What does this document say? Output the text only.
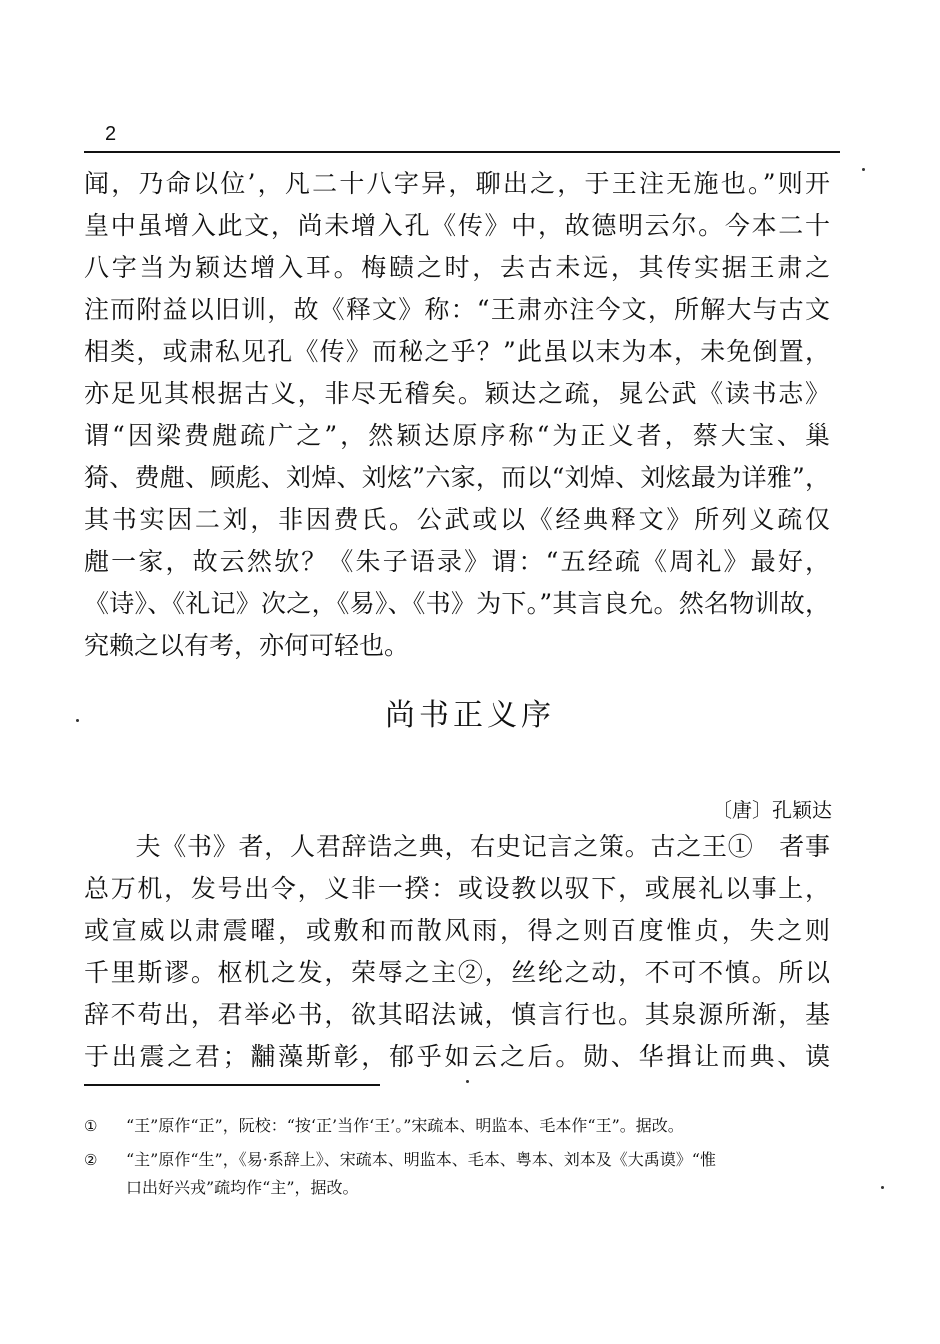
2
闻，乃命以位’，凡二十八字异，聊出之，于王注无施也。”则开
皇中虽增入此文，尚未增入孔《传》中，故德明云尔。今本二十
八字当为颖达增入耳。梅赜之时，去古未远，其传实据王肃之
注而附益以旧训，故《释文》称：“王肃亦注今文，所解大与古文
相类，或肃私见孔《传》而秘之乎？”此虽以末为本，未免倒置，
亦足见其根据古义，非尽无稽矣。颖达之疏，晁公武《读书志》
谓“因梁费甝疏广之”，然颖达原序称“为正义者，蔡大宝、巢
猗、费甝、顾彪、刘焯、刘炫”六家，而以“刘焯、刘炫最为详雅”，
其书实因二刘，非因费氏。公武或以《经典释文》所列义疏仅
甝一家，故云然欤？《朱子语录》谓：“五经疏《周礼》最好，
《诗》、《礼记》次之，《易》、《书》为下。”其言良允。然名物训故，
究赖之以有考，亦何可轻也。
尚书正义序
〔唐〕孔颖达
　　夫《书》者，人君辞诰之典，右史记言之策。古之王①　者事
总万机，发号出令，义非一揆：或设教以驭下，或展礼以事上，
或宣威以肃震曜，或敷和而散风雨，得之则百度惟贞，失之则
千里斯谬。枢机之发，荣辱之主②，丝纶之动，不可不慎。所以
辞不苟出，君举必书，欲其昭法诫，慎言行也。其泉源所渐，基
于出震之君；黼藻斯彰，郁乎如云之后。勋、华揖让而典、谟
① “王”原作“正”，阮校：“按‘正’当作‘王’。”宋疏本、明监本、毛本作“王”。据改。
② “主”原作“生”，《易·系辞上》、宋疏本、明监本、毛本、粤本、刘本及《大禹谟》“惟
口出好兴戎”疏均作“主”，据改。
